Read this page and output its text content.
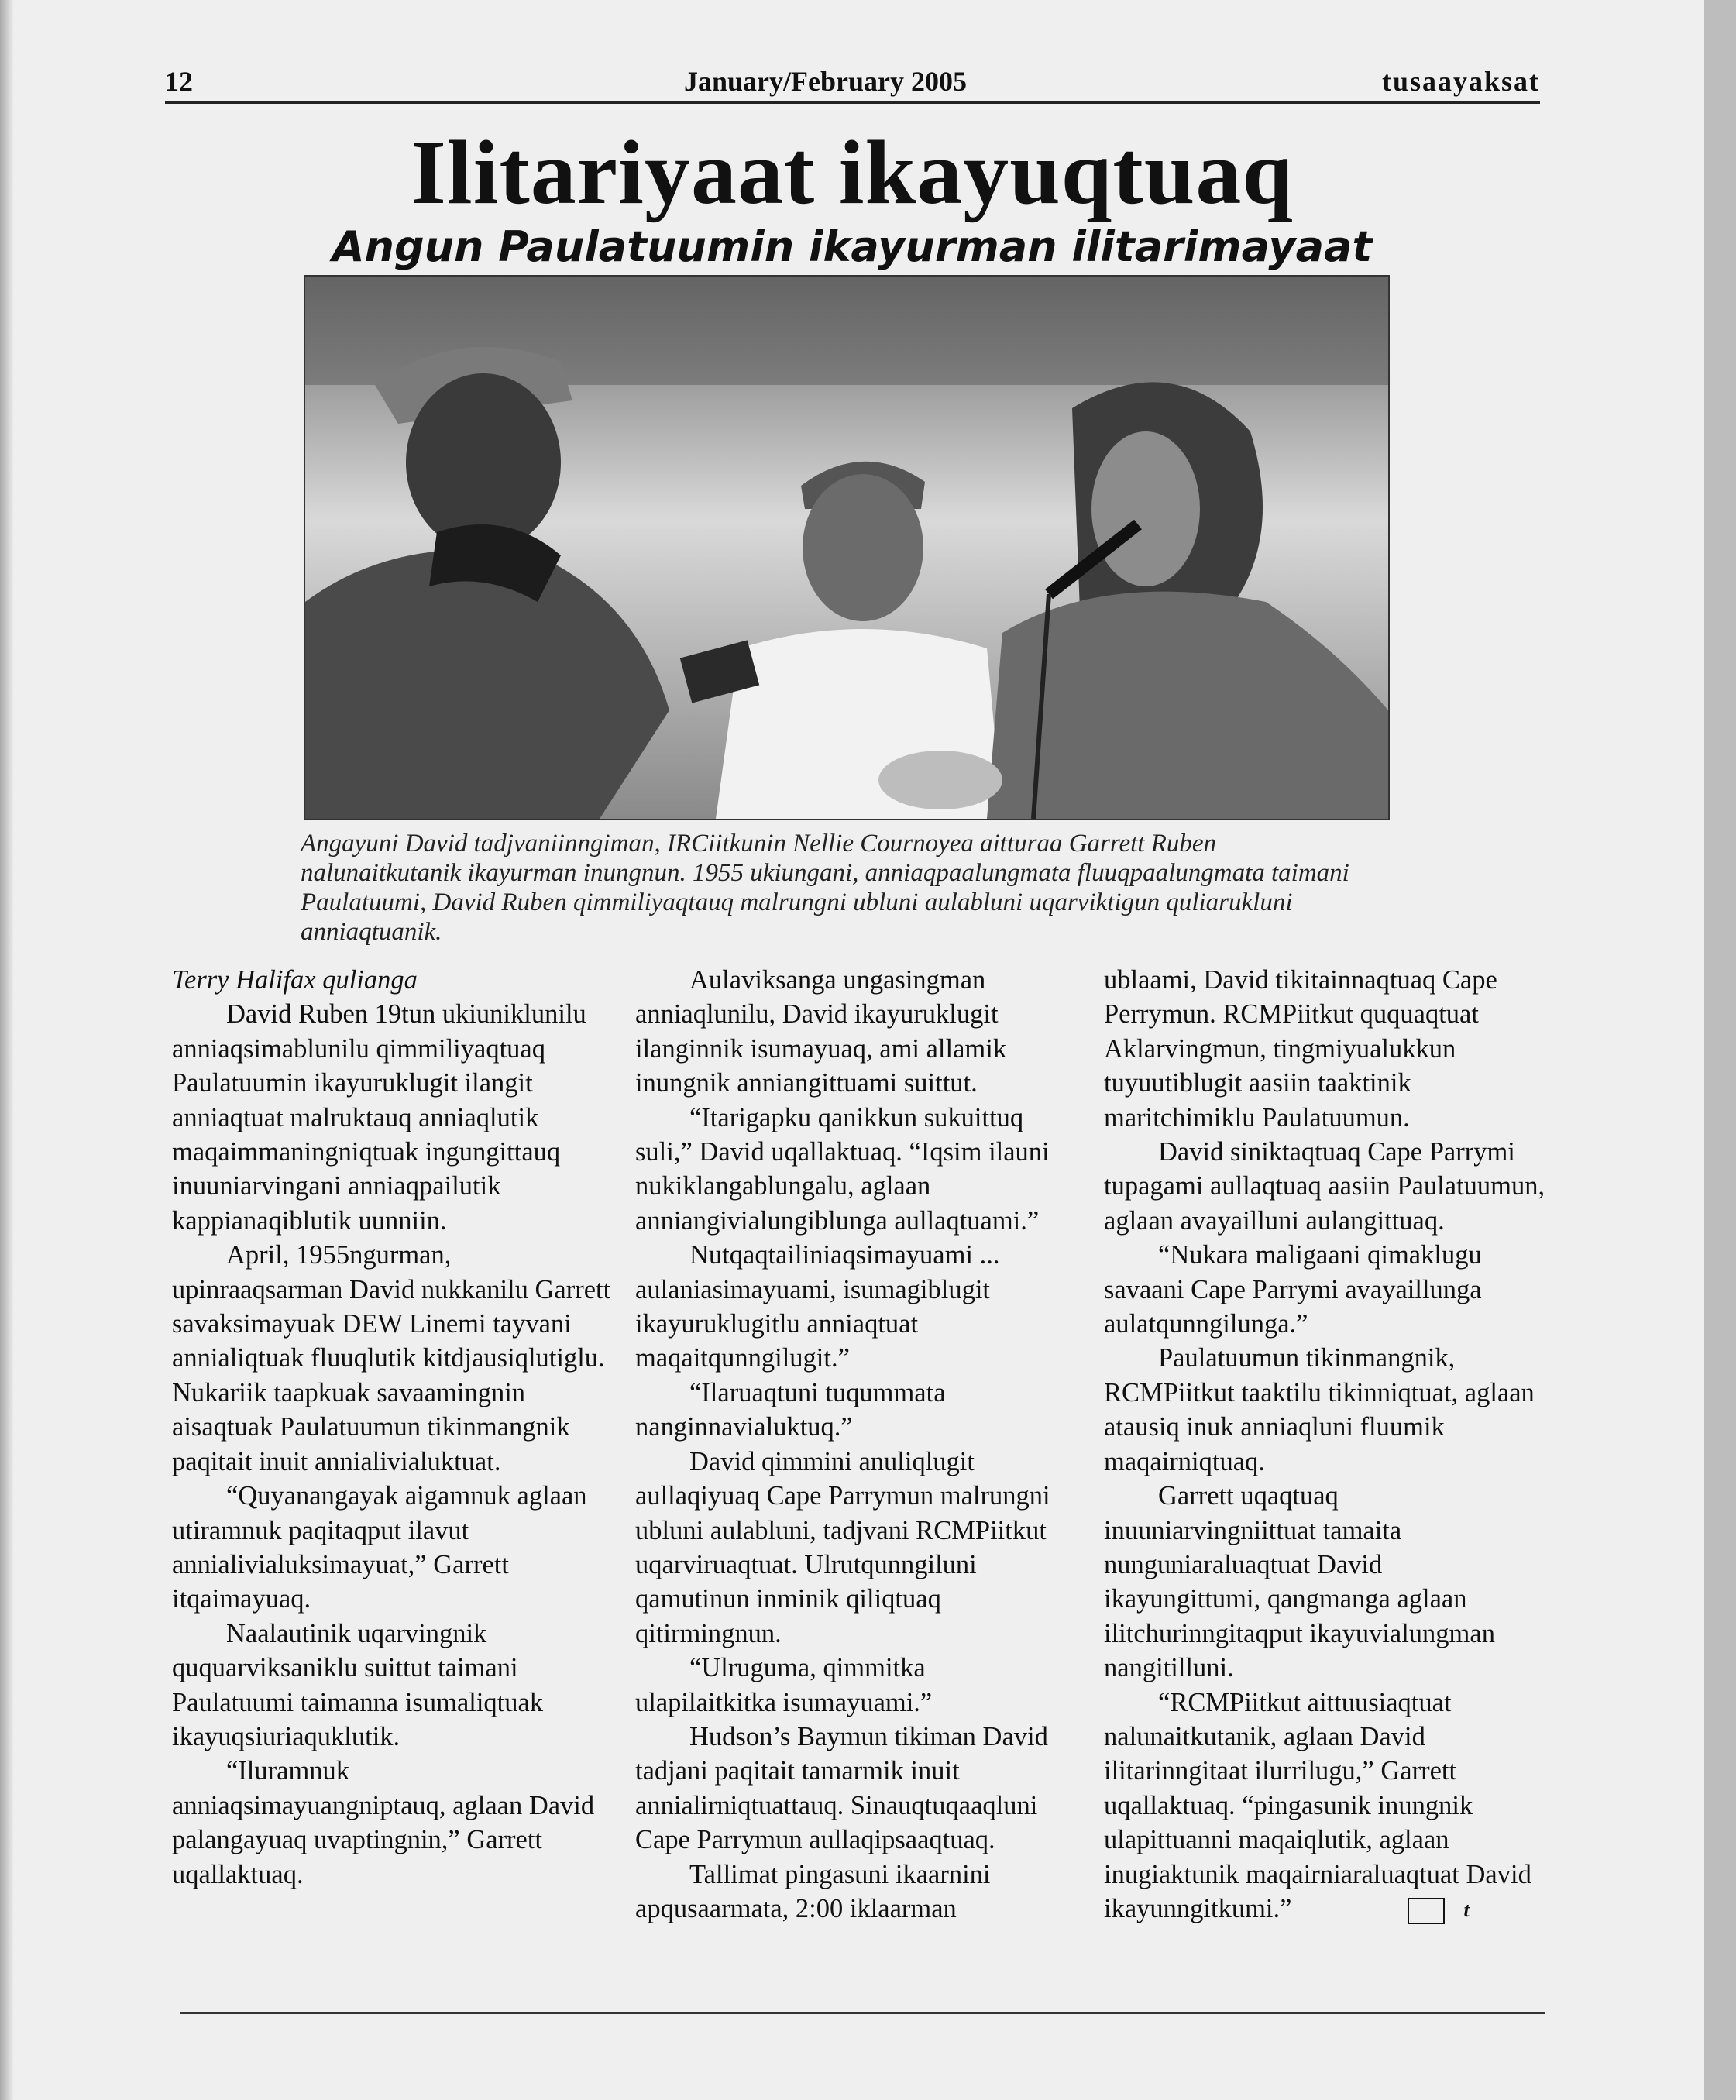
12	January/February 2005	tusaayaksat
Ilitariyaat ikayuqtuaq
Angun Paulatuumin ikayurman ilitarimayaat

Angayuni David tadjvaniinngiman, IRCiitkunin Nellie Cournoyea aitturaa Garrett Ruben nalunaitkutanik ikayurman inungnun. 1955 ukiungani, anniaqpaalungmata fluuqpaalungmata taimani Paulatuumi, David Ruben qimmiliyaqtauq malrungni ubluni aulabluni uqarviktigun quliarukluni anniaqtuanik.

Terry Halifax quliangа

David Ruben 19tun ukiuniklunilu anniaqsimablunilu qimmiliyaqtuaq Paulatuumin ikayuruklugit ilangit anniaqtuat malruktauq anniaqlutik maqaimmaningniqtuak ingungittauq inuuniarvingani anniaqpailutik kappianaqiblutik uunniin.

April, 1955ngurman, upinraaqsarman David nukkanilu Garrett savaksimayuak DEW Linemi tayvani annialiqtuak fluuqlutik kitdjausiqlutiglu. Nukariik taapkuak savaamingnin aisaqtuak Paulatuumun tikinmangnik paqitait inuit annialivialuktuat.

“Quyanangayak aigamnuk aglaan utiramnuk paqitaqput ilavut annialivialuksimayuat,” Garrett itqaimayuaq.

Naalautinik uqarvingnik ququarviksaniklu suittut taimani Paulatuumi taimanna isumaliqtuak ikayuqsiuriaquklutik.

“Iluramnuk anniaqsimayuangniptauq, aglaan David palangayuaq uvaptingnin,” Garrett uqallaktuaq.

Aulaviksanga ungasingman anniaqlunilu, David ikayuruklugit ilanginnik isumayuaq, ami allamik inungnik anniangittuami suittut.

“Itarigapku qanikkun sukuittuq suli,” David uqallaktuaq. “Iqsim ilauni nukiklangablungalu, aglaan anniangivialungiblunga aullaqtuami.”

Nutqaqtailiniaqsimayuami ... aulaniasimayuami, isumagiblugit ikayuruklugitlu anniaqtuat maqaitqunngilugit.”

“Ilaruaqtuni tuqummata nanginnavialuktuq.”

David qimmini anuliqlugit aullaqiyuaq Cape Parrymun malrungni ubluni aulabluni, tadjvani RCMPiitkut uqarviruaqtuat. Ulrutqunngiluni qamutinun inminik qiliqtuaq qitirmingnun.

“Ulruguma, qimmitka ulapilaitkitka isumayuami.”

Hudson’s Baymun tikiman David tadjani paqitait tamarmik inuit annialirniqtuattauq. Sinauqtuqaaqluni Cape Parrymun aullaqipsaaqtuaq.

Tallimat pingasuni ikaarnini apqusaarmata, 2:00 iklaarman

ublaami, David tikitainnaqtuaq Cape Perrymun. RCMPiitkut ququaqtuat Aklarvingmun, tingmiyualukkun tuyuutiblugit aasiin taaktinik maritchimiklu Paulatuumun.

David siniktaqtuaq Cape Parrymi tupagami aullaqtuaq aasiin Paulatuumun, aglaan avayailluni aulangittuaq.

“Nukara maligaani qimaklugu savaani Cape Parrymi avayaillunga aulatqunngilunga.”

Paulatuumun tikinmangnik, RCMPiitkut taaktilu tikinniqtuat, aglaan atausiq inuk anniaqluni fluumik maqairniqtuaq.

Garrett uqaqtuaq inuuniarvingniittuat tamaita nunguniaraluaqtuat David ikayungittumi, qangmanga aglaan ilitchurinngitaqput ikayuvialungman nangitilluni.

“RCMPiitkut aittuusiaqtuat nalunaitkutanik, aglaan David ilitarinngitaat ilurrilugu,” Garrett uqallaktuaq. “pingasunik inungnik ulapittuanni maqaiqlutik, aglaan inugiaktunik maqairniaraluaqtuat David ikayunngitkumi.”	t
